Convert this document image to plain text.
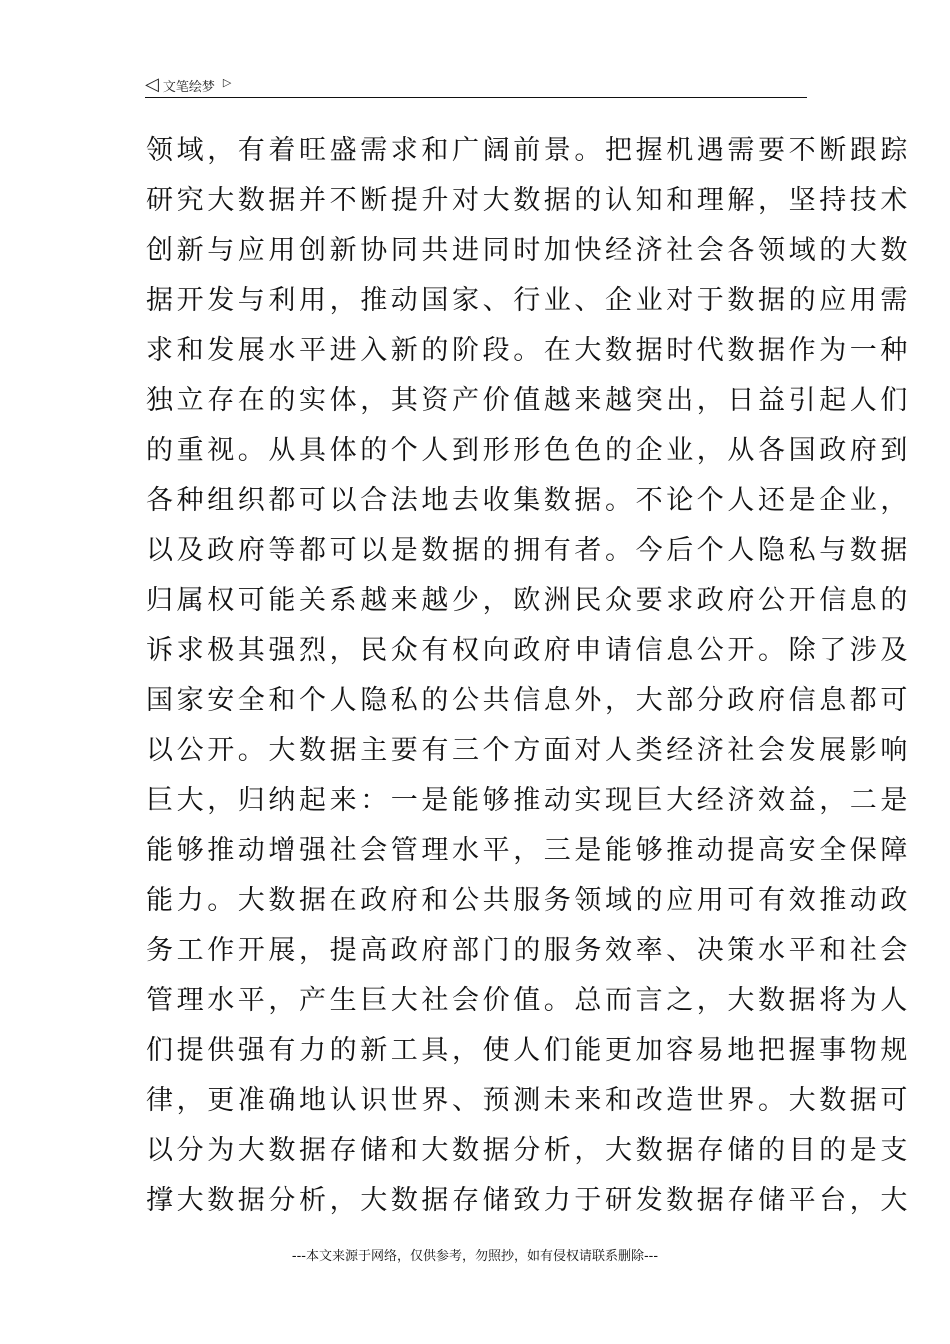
◁ 文笔绘梦 ▷
领域，有着旺盛需求和广阔前景。把握机遇需要不断跟踪
研究大数据并不断提升对大数据的认知和理解，坚持技术
创新与应用创新协同共进同时加快经济社会各领域的大数
据开发与利用，推动国家、行业、企业对于数据的应用需
求和发展水平进入新的阶段。在大数据时代数据作为一种
独立存在的实体，其资产价值越来越突出，日益引起人们
的重视。从具体的个人到形形色色的企业，从各国政府到
各种组织都可以合法地去收集数据。不论个人还是企业，
以及政府等都可以是数据的拥有者。今后个人隐私与数据
归属权可能关系越来越少，欧洲民众要求政府公开信息的
诉求极其强烈，民众有权向政府申请信息公开。除了涉及
国家安全和个人隐私的公共信息外，大部分政府信息都可
以公开。大数据主要有三个方面对人类经济社会发展影响
巨大，归纳起来：一是能够推动实现巨大经济效益，二是
能够推动增强社会管理水平，三是能够推动提高安全保障
能力。大数据在政府和公共服务领域的应用可有效推动政
务工作开展，提高政府部门的服务效率、决策水平和社会
管理水平，产生巨大社会价值。总而言之，大数据将为人
们提供强有力的新工具，使人们能更加容易地把握事物规
律，更准确地认识世界、预测未来和改造世界。大数据可
以分为大数据存储和大数据分析，大数据存储的目的是支
撑大数据分析，大数据存储致力于研发数据存储平台，大
---本文来源于网络，仅供参考，勿照抄，如有侵权请联系删除---
